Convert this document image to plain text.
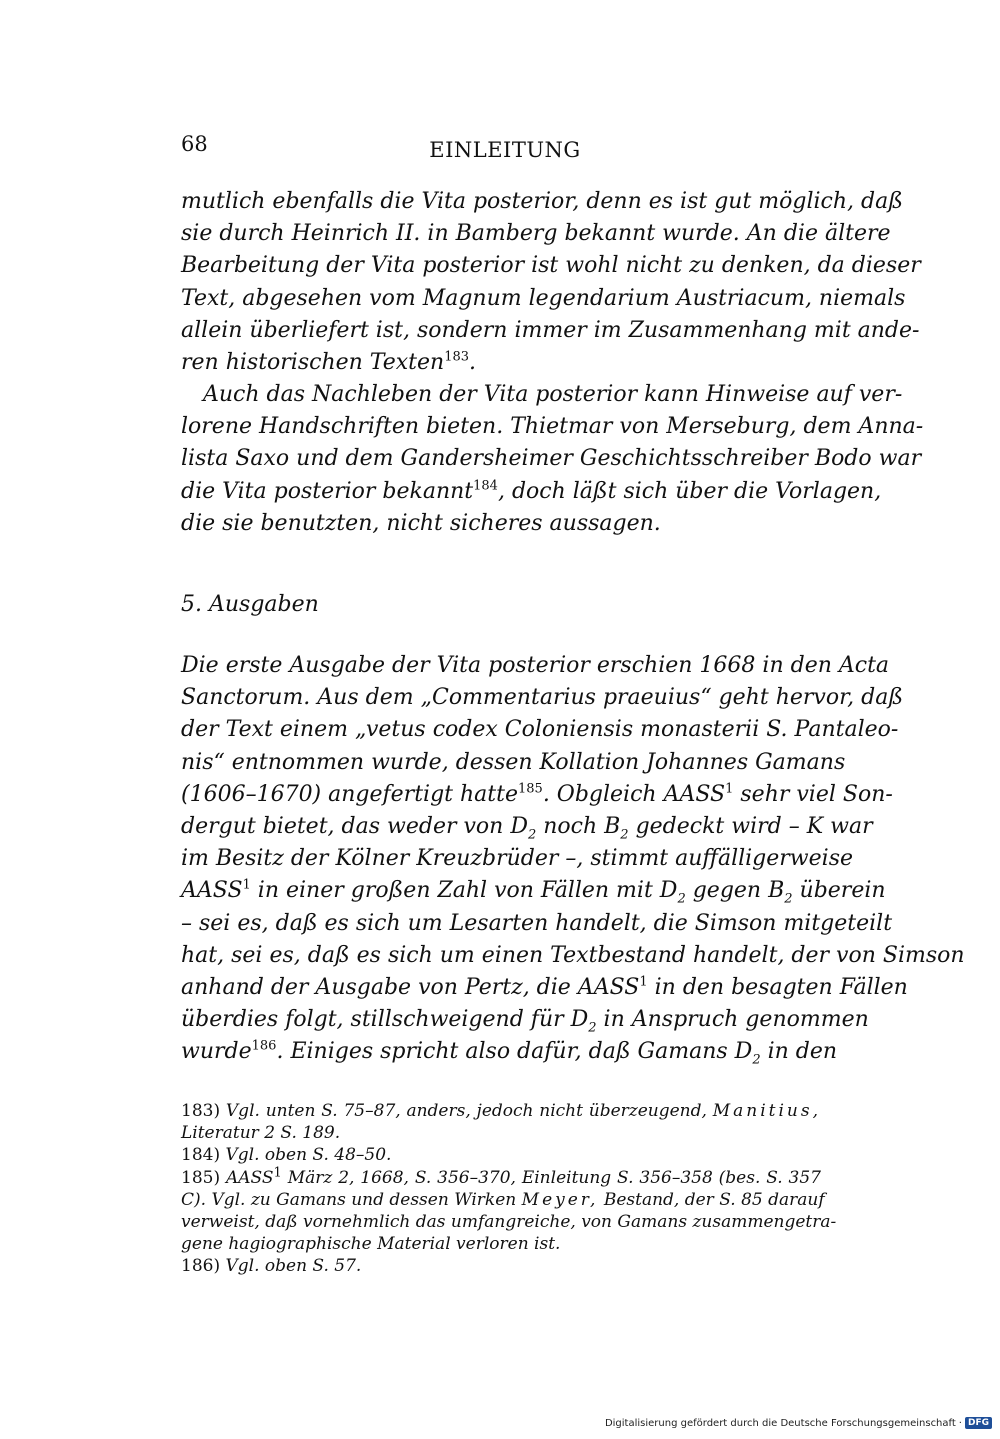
68	EINLEITUNG
mutlich ebenfalls die Vita posterior, denn es ist gut möglich, daß
sie durch Heinrich II. in Bamberg bekannt wurde. An die ältere
Bearbeitung der Vita posterior ist wohl nicht zu denken, da dieser
Text, abgesehen vom Magnum legendarium Austriacum, niemals
allein überliefert ist, sondern immer im Zusammenhang mit ande-
ren historischen Texten$^{183}$.
Auch das Nachleben der Vita posterior kann Hinweise auf ver-
lorene Handschriften bieten. Thietmar von Merseburg, dem Anna-
lista Saxo und dem Gandersheimer Geschichtsschreiber Bodo war
die Vita posterior bekannt$^{184}$, doch läßt sich über die Vorlagen,
die sie benutzten, nicht sicheres aussagen.
5. Ausgaben
Die erste Ausgabe der Vita posterior erschien 1668 in den Acta
Sanctorum. Aus dem „Commentarius praeuius“ geht hervor, daß
der Text einem „vetus codex Coloniensis monasterii S. Pantaleo-
nis“ entnommen wurde, dessen Kollation Johannes Gamans
(1606–1670) angefertigt hatte$^{185}$. Obgleich AASS$^1$ sehr viel Son-
dergut bietet, das weder von $D_2$ noch $B_2$ gedeckt wird – K war
im Besitz der Kölner Kreuzbrüder –, stimmt auffälligerweise
AASS$^1$ in einer großen Zahl von Fällen mit $D_2$ gegen $B_2$ überein
– sei es, daß es sich um Lesarten handelt, die Simson mitgeteilt
hat, sei es, daß es sich um einen Textbestand handelt, der von Simson
anhand der Ausgabe von Pertz, die AASS$^1$ in den besagten Fällen
überdies folgt, stillschweigend für $D_2$ in Anspruch genommen
wurde$^{186}$. Einiges spricht also dafür, daß Gamans $D_2$ in den
183) Vgl. unten S. 75–87, anders, jedoch nicht überzeugend, Manitius,
Literatur 2 S. 189.
184) Vgl. oben S. 48–50.
185) AASS$^1$ März 2, 1668, S. 356–370, Einleitung S. 356–358 (bes. S. 357
C). Vgl. zu Gamans und dessen Wirken Meyer, Bestand, der S. 85 darauf
verweist, daß vornehmlich das umfangreiche, von Gamans zusammengetra-
gene hagiographische Material verloren ist.
186) Vgl. oben S. 57.
Digitalisierung gefördert durch die Deutsche Forschungsgemeinschaft · DFG
